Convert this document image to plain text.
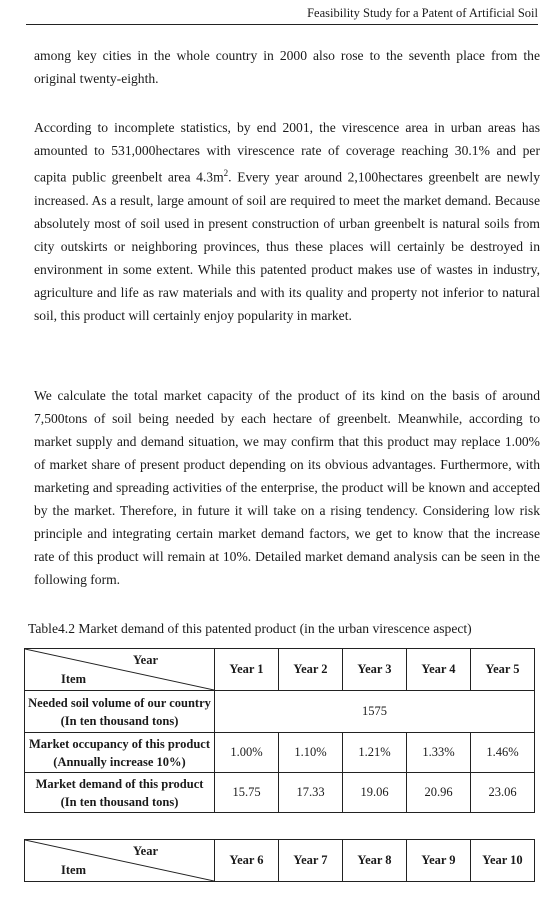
Feasibility Study for a Patent of Artificial Soil
among key cities in the whole country in 2000 also rose to the seventh place from the original twenty-eighth.
According to incomplete statistics, by end 2001, the virescence area in urban areas has amounted to 531,000hectares with virescence rate of coverage reaching 30.1% and per capita public greenbelt area $4.3m^2$. Every year around 2,100hectares greenbelt are newly increased. As a result, large amount of soil are required to meet the market demand. Because absolutely most of soil used in present construction of urban greenbelt is natural soils from city outskirts or neighboring provinces, thus these places will certainly be destroyed in environment in some extent. While this patented product makes use of wastes in industry, agriculture and life as raw materials and with its quality and property not inferior to natural soil, this product will certainly enjoy popularity in market.
We calculate the total market capacity of the product of its kind on the basis of around 7,500tons of soil being needed by each hectare of greenbelt. Meanwhile, according to market supply and demand situation, we may confirm that this product may replace 1.00% of market share of present product depending on its obvious advantages. Furthermore, with marketing and spreading activities of the enterprise, the product will be known and accepted by the market. Therefore, in future it will take on a rising tendency. Considering low risk principle and integrating certain market demand factors, we get to know that the increase rate of this product will remain at 10%. Detailed market demand analysis can be seen in the following form.
Table4.2 Market demand of this patented product (in the urban virescence aspect)
Year
Item	Year 1	Year 2	Year 3	Year 4	Year 5

Needed soil volume of our country
(In ten thousand tons)	1575				

Market occupancy of this product
(Annually increase 10%)	1.00%	1.10%	1.21%	1.33%	1.46%

Market demand of this product
(In ten thousand tons)	15.75	17.33	19.06	20.96	23.06
Year
Item
	Year 6	Year 7	Year 8	Year 9	Year 10
